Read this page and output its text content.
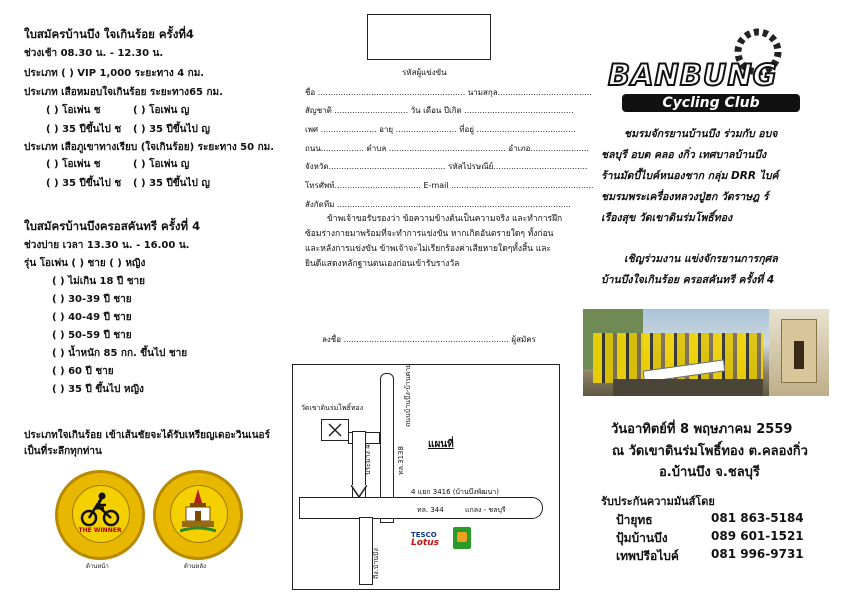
ใบสมัครบ้านบึง ใจเกินร้อย ครั้งที่4
ช่วงเช้า 08.30 น. - 12.30 น.
ประเภท ( ) VIP 1,000 ระยะทาง 4 กม.
ประเภท เสือหมอบใจเกินร้อย ระยะทาง65 กม.
( ) โอเพ่น ช	( ) โอเพ่น ญ
( ) 35 ปีขึ้นไป ช ( ) 35 ปีขึ้นไป ญ
ประเภท เสือภูเขาทางเรียบ (ใจเกินร้อย) ระยะทาง 50 กม.
( ) โอเพ่น ช	( ) โอเพ่น ญ
( ) 35 ปีขึ้นไป ช ( ) 35 ปีขึ้นไป ญ
ใบสมัครบ้านบึงครอสคันทรี ครั้งที่ 4
ช่วงบ่าย เวลา 13.30 น. - 16.00 น.
รุ่น โอเพ่น ( ) ชาย ( ) หญิง
( ) ไม่เกิน 18 ปี ชาย
( ) 30-39 ปี ชาย
( ) 40-49 ปี ชาย
( ) 50-59 ปี ชาย
( ) น้ำหนัก 85 กก. ขึ้นไป ชาย
( ) 60 ปี ชาย
( ) 35 ปี ขึ้นไป หญิง
ประเภทใจเกินร้อย เข้าเส้นชัยจะได้รับเหรียญเดอะวินเนอร์
เป็นที่ระลึกทุกท่าน
THE WINNER
ด้านหน้า	ด้านหลัง
รหัสผู้แข่งขัน
ชื่อ .......................................................... นามสกุล.....................................
สัญชาติ ............................. วัน เดือน ปีเกิด ...........................................
เพศ ...................... อายุ ........................ ที่อยู่ .......................................
ถนน................. ตำบล .............................................. อำเภอ.......................
จังหวัด.............................................. รหัสไปรษณีย์.....................................
โทรศัพท์.................................. E-mail ........................................................
สังกัดทีม ............................................................................................
ข้าพเจ้าขอรับรองว่า ข้อความข้างต้นเป็นความจริง และทำการฝึกซ้อมร่างกายมาพร้อมที่จะทำการแข่งขัน หากเกิดอันตรายใดๆ ทั้งก่อนและหลังการแข่งขัน ข้าพเจ้าจะไม่เรียกร้องค่าเสียหายใดๆทั้งสิ้น และยินดีแสดงหลักฐานตนเองก่อนเข้ารับรางวัล
ลงชื่อ ................................................................. ผู้สมัคร
วัดเขาดินร่มโพธิ์ทอง
ประมาง 4	ทล.3138
ถนนบ้านบึง-บ้านค่าย
แผนที่
4 แยก 3416 (บ้านบึงพัฒนา)
ทล. 344	แกลง - ชลบุรี
ถึง.บ้านบึง
TESCO
Lotus
BANBUNG
Cycling Club
ชมรมจักรยานบ้านบึง ร่วมกับ อบจ
ชลบุรี อบต คลอ งกิ่ว เทศบาลบ้านบึง
ร้านมัดบี้ไบค์หนองชาก กลุ่ม DRR ไบค์
ชมรมพระเครื่องหลวงปู่ฮก วัดราษฎ ร์
เรืองสุข วัดเขาดินร่มโพธิ์ทอง
เชิญร่วมงาน แข่งจักรยานการกุศล
บ้านบึงใจเกินร้อย ครอสคันทรี ครั้งที่ 4
วันอาทิตย์ที่ 8 พฤษภาคม 2559
ณ วัดเขาดินร่มโพธิ์ทอง ต.คลองกิ่ว
อ.บ้านบึง จ.ชลบุรี
รับประกันความมันส์โดย
ป้ายุทธ	081 863-5184
ปุ้มบ้านบึง	089 601-1521
เทพปรีอไบค์	081 996-9731
